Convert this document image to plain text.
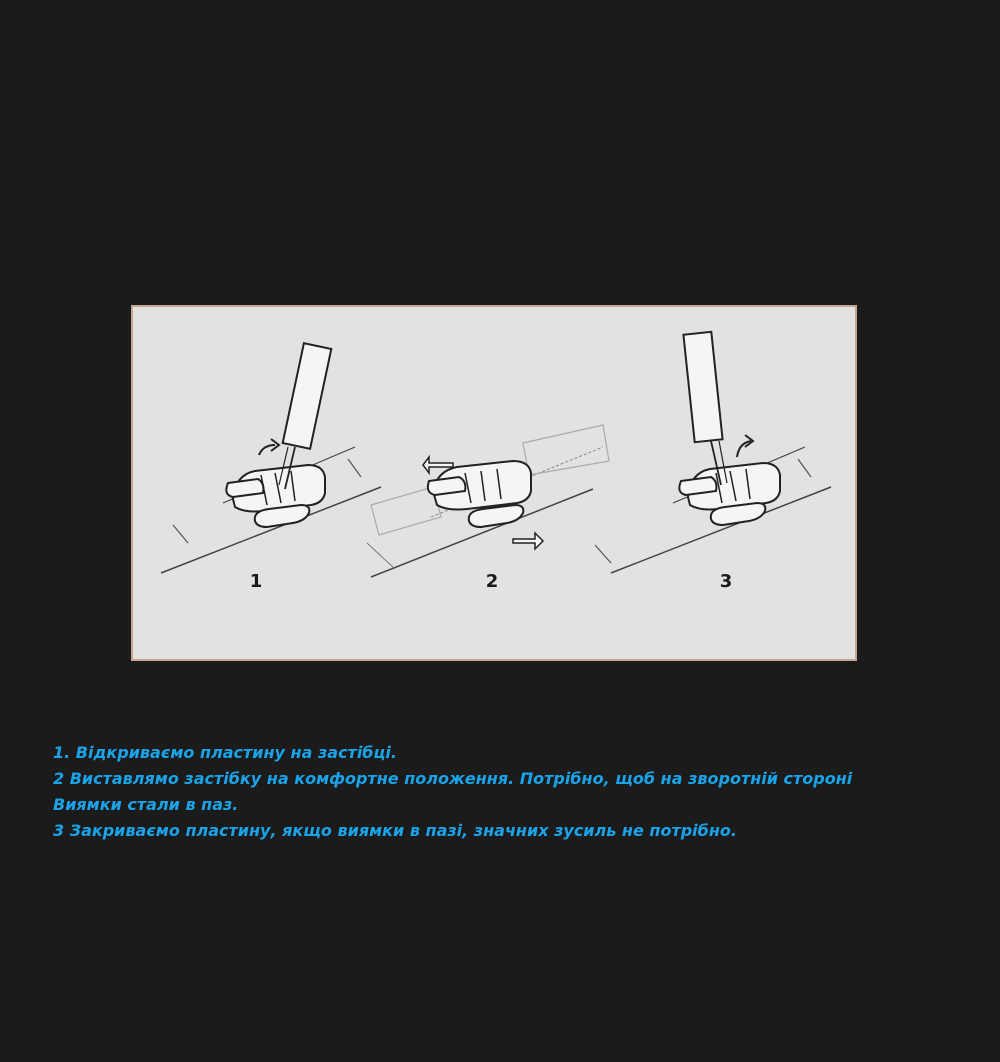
1	2	3
1. Відкриваємо пластину на застібці.
2 Виставлямо застібку на комфортне положення. Потрібно, щоб на зворотній стороні
Виямки стали в паз.
3 Закриваємо пластину, якщо виямки в пазі, значних зусиль не потрібно.
